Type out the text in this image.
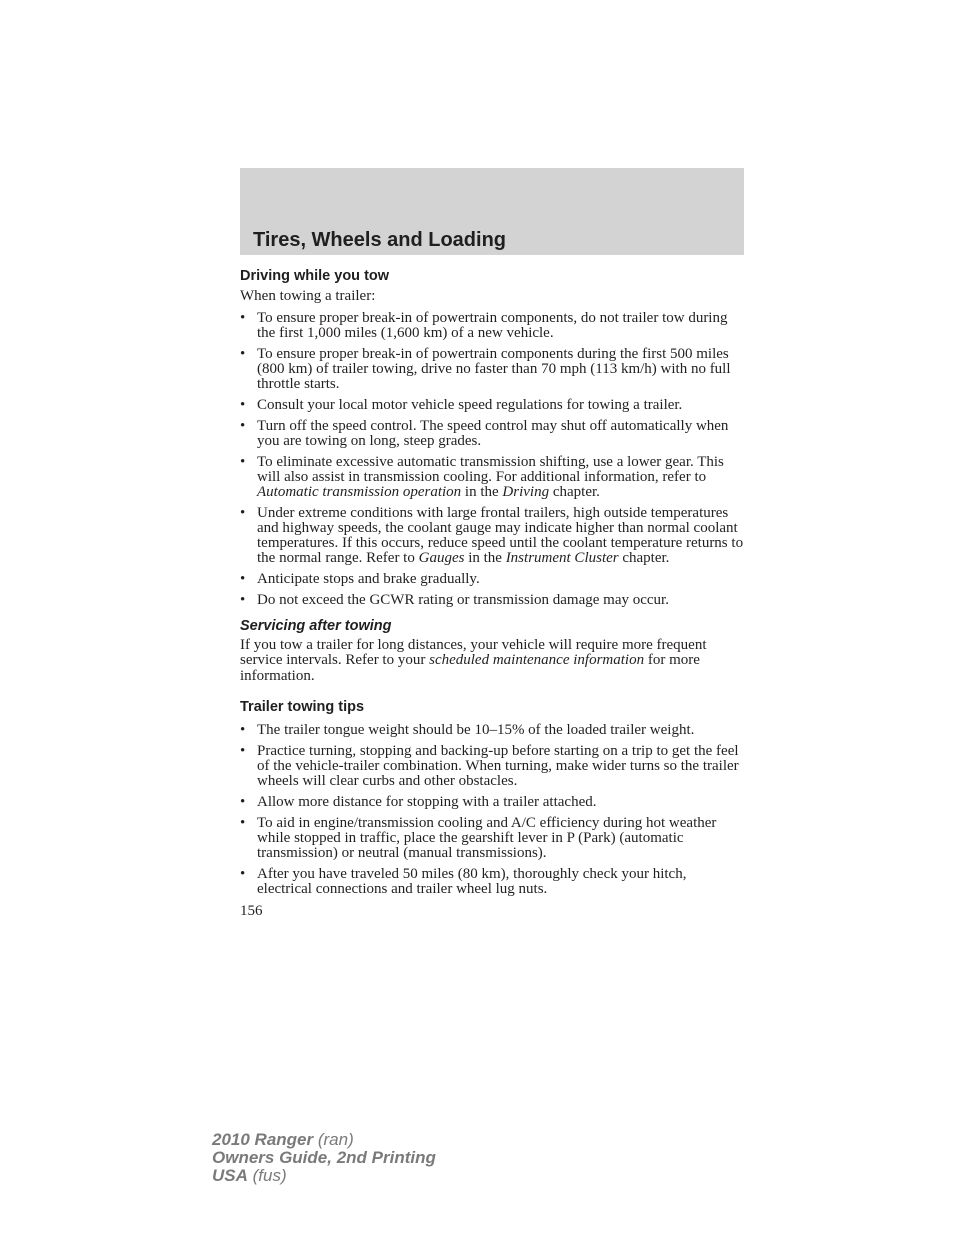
Tires, Wheels and Loading
Driving while you tow

When towing a trailer:

• To ensure proper break-in of powertrain components, do not trailer tow during the first 1,000 miles (1,600 km) of a new vehicle.
• To ensure proper break-in of powertrain components during the first 500 miles (800 km) of trailer towing, drive no faster than 70 mph (113 km/h) with no full throttle starts.
• Consult your local motor vehicle speed regulations for towing a trailer.
• Turn off the speed control. The speed control may shut off automatically when you are towing on long, steep grades.
• To eliminate excessive automatic transmission shifting, use a lower gear. This will also assist in transmission cooling. For additional information, refer to Automatic transmission operation in the Driving chapter.
• Under extreme conditions with large frontal trailers, high outside temperatures and highway speeds, the coolant gauge may indicate higher than normal coolant temperatures. If this occurs, reduce speed until the coolant temperature returns to the normal range. Refer to Gauges in the Instrument Cluster chapter.
• Anticipate stops and brake gradually.
• Do not exceed the GCWR rating or transmission damage may occur.
Servicing after towing

If you tow a trailer for long distances, your vehicle will require more frequent service intervals. Refer to your scheduled maintenance information for more information.

Trailer towing tips
• The trailer tongue weight should be 10–15% of the loaded trailer weight.
• Practice turning, stopping and backing-up before starting on a trip to get the feel of the vehicle-trailer combination. When turning, make wider turns so the trailer wheels will clear curbs and other obstacles.
• Allow more distance for stopping with a trailer attached.
• To aid in engine/transmission cooling and A/C efficiency during hot weather while stopped in traffic, place the gearshift lever in P (Park) (automatic transmission) or neutral (manual transmissions).
• After you have traveled 50 miles (80 km), thoroughly check your hitch, electrical connections and trailer wheel lug nuts.
156
2010 Ranger (ran)
Owners Guide, 2nd Printing
USA (fus)
